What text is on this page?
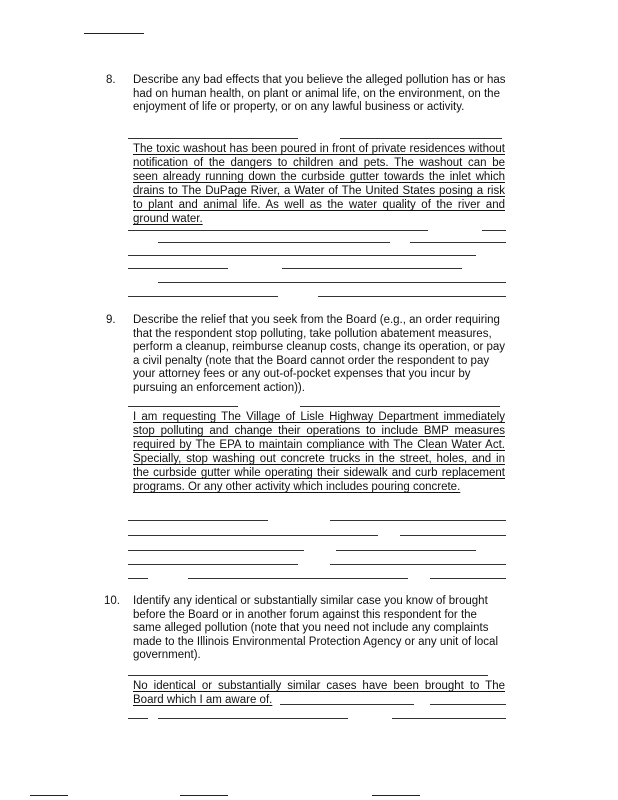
8. Describe any bad effects that you believe the alleged pollution has or has had on human health, on plant or animal life, on the environment, on the enjoyment of life or property, or on any lawful business or activity.
The toxic washout has been poured in front of private residences without notification of the dangers to children and pets. The washout can be seen already running down the curbside gutter towards the inlet which drains to The DuPage River, a Water of The United States posing a risk to plant and animal life. As well as the water quality of the river and ground water.
9. Describe the relief that you seek from the Board (e.g., an order requiring that the respondent stop polluting, take pollution abatement measures, perform a cleanup, reimburse cleanup costs, change its operation, or pay a civil penalty (note that the Board cannot order the respondent to pay your attorney fees or any out-of-pocket expenses that you incur by pursuing an enforcement action)).
I am requesting The Village of Lisle Highway Department immediately stop polluting and change their operations to include BMP measures required by The EPA to maintain compliance with The Clean Water Act. Specially, stop washing out concrete trucks in the street, holes, and in the curbside gutter while operating their sidewalk and curb replacement programs. Or any other activity which includes pouring concrete.
10. Identify any identical or substantially similar case you know of brought before the Board or in another forum against this respondent for the same alleged pollution (note that you need not include any complaints made to the Illinois Environmental Protection Agency or any unit of local government).
No identical or substantially similar cases have been brought to The Board which I am aware of.
